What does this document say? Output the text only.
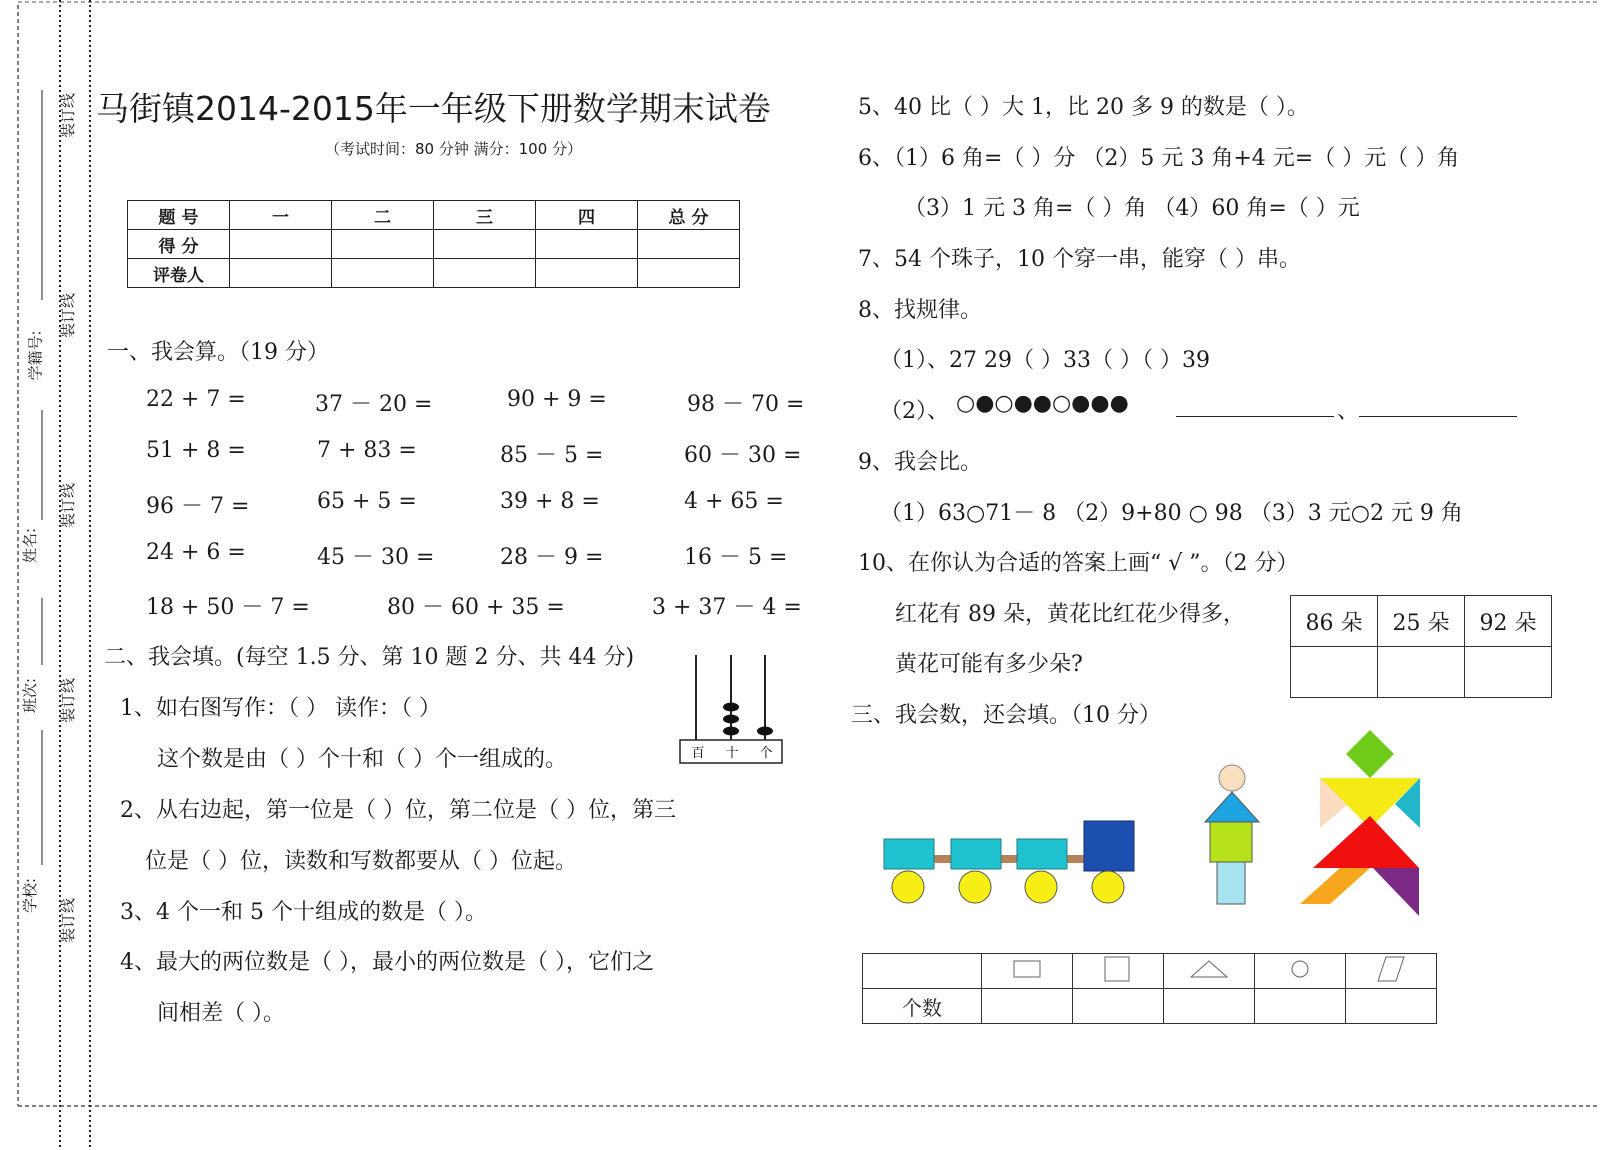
装订线
装订线
装订线
装订线
装订线
学籍号:
姓名:
班次:
学校:
马街镇2014-2015年一年级下册数学期末试卷
（考试时间：80 分钟 满分：100 分）
题 号	一	二	三	四	总 分
得 分					
评卷人					
一、我会算。（19 分）
22 + 7 =	37 － 20 =	90 + 9 =	98 － 70 =
51 + 8 =	7 + 83 =	85 － 5 =	60 － 30 =
96 － 7 =	65 + 5 =	39 + 8 =	4 + 65 =
24 + 6 =	45 － 30 =	28 － 9 =	16 － 5 =
18 + 50 － 7 =	80 － 60 + 35 =	3 + 37 － 4 =
二、我会填。(每空 1.5 分、第 10 题 2 分、共 44 分)
1、如右图写作：（ ） 读作：（ ）
这个数是由（ ）个十和（ ）个一组成的。
2、从右边起，第一位是（ ）位，第二位是（ ）位，第三
位是（ ）位，读数和写数都要从（ ）位起。
3、4 个一和 5 个十组成的数是（ ）。
4、最大的两位数是（ ），最小的两位数是（ ），它们之
间相差（ ）。
百 十 个
5、40 比（ ）大 1，比 20 多 9 的数是（ ）。
6、（1）6 角=（ ）分 （2）5 元 3 角+4 元=（ ）元（ ）角
（3）1 元 3 角=（ ）角 （4）60 角=（ ）元
7、54 个珠子，10 个穿一串，能穿（ ）串。
8、找规律。
（1）、27 29（ ）33（ ）（ ）39
（2）、 ○●○●●○●●●	、
9、我会比。
（1）63○71－ 8 （2）9+80 ○ 98 （3）3 元○2 元 9 角
10、在你认为合适的答案上画“ √ ”。（2 分）
红花有 89 朵，黄花比红花少得多，
黄花可能有多少朵?
86 朵	25 朵	92 朵

三、我会数，还会填。（10 分）

个数					
